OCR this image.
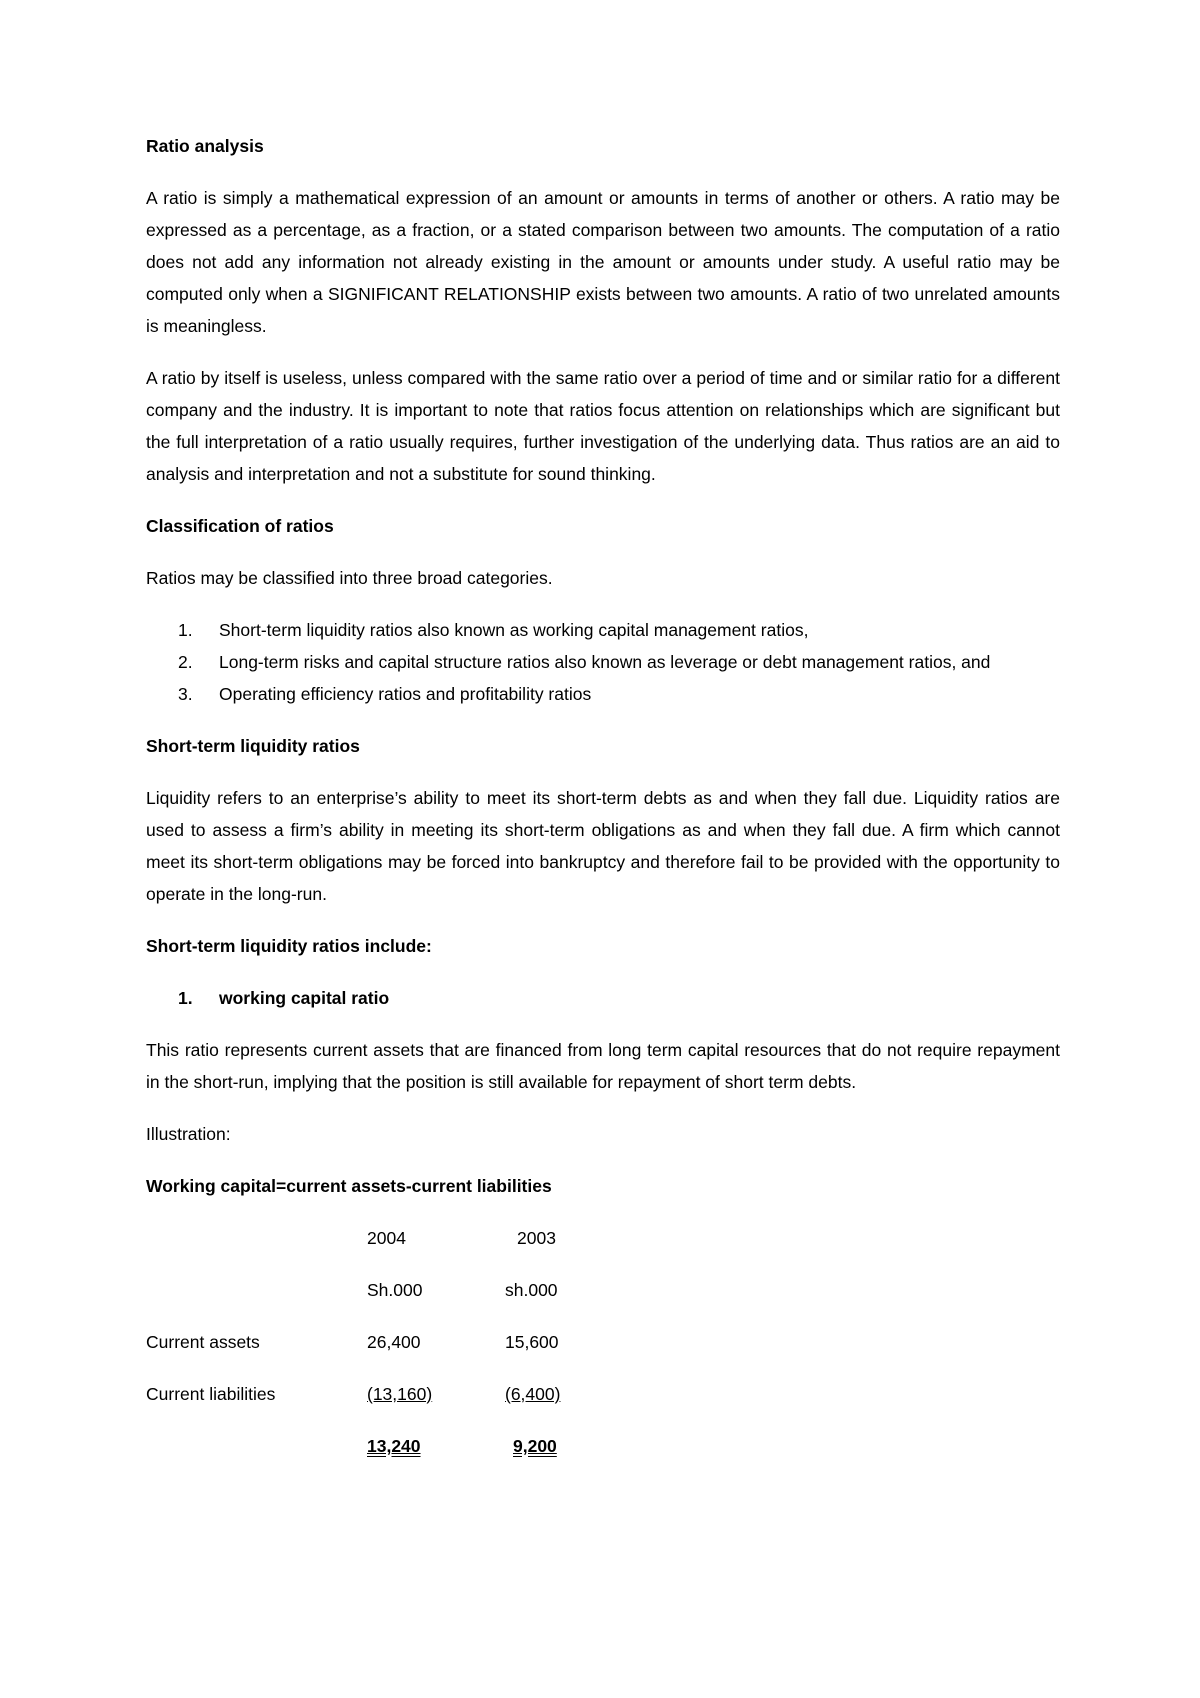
Ratio analysis

A ratio is simply a mathematical expression of an amount or amounts in terms of another or others. A ratio may be expressed as a percentage, as a fraction, or a stated comparison between two amounts. The computation of a ratio does not add any information not already existing in the amount or amounts under study. A useful ratio may be computed only when a SIGNIFICANT RELATIONSHIP exists between two amounts. A ratio of two unrelated amounts is meaningless.

A ratio by itself is useless, unless compared with the same ratio over a period of time and or similar ratio for a different company and the industry. It is important to note that ratios focus attention on relationships which are significant but the full interpretation of a ratio usually requires, further investigation of the underlying data. Thus ratios are an aid to analysis and interpretation and not a substitute for sound thinking.

Classification of ratios

Ratios may be classified into three broad categories.

1. Short-term liquidity ratios also known as working capital management ratios,
2. Long-term risks and capital structure ratios also known as leverage or debt management ratios, and
3. Operating efficiency ratios and profitability ratios
Short-term liquidity ratios

Liquidity refers to an enterprise’s ability to meet its short-term debts as and when they fall due. Liquidity ratios are used to assess a firm’s ability in meeting its short-term obligations as and when they fall due. A firm which cannot meet its short-term obligations may be forced into bankruptcy and therefore fail to be provided with the opportunity to operate in the long-run.

Short-term liquidity ratios include:
1. working capital ratio

This ratio represents current assets that are financed from long term capital resources that do not require repayment in the short-run, implying that the position is still available for repayment of short term debts.

Illustration:

Working capital=current assets-current liabilities
	2004	2003
	Sh.000	sh.000
Current assets	26,400	15,600
Current liabilities	(13,160)	(6,400)
	13,240	9,200
